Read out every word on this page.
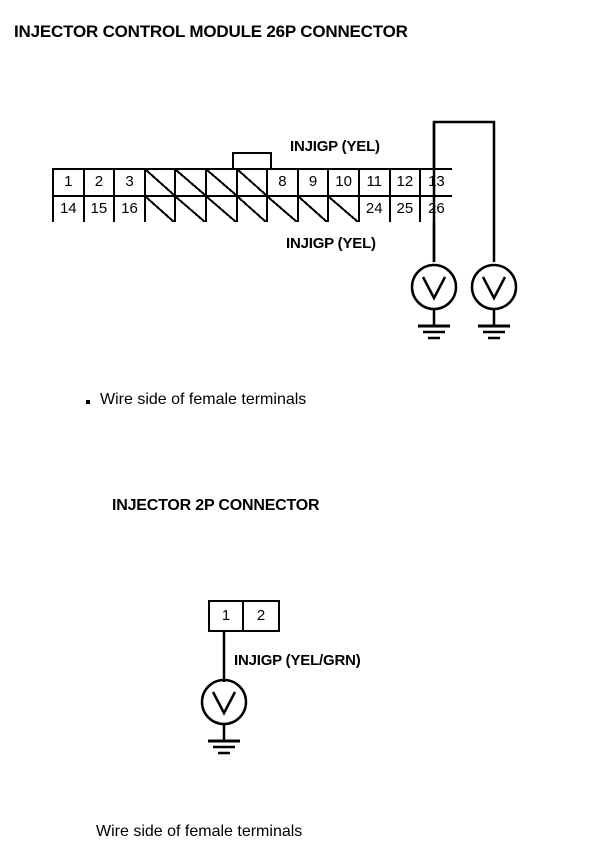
INJECTOR CONTROL MODULE 26P CONNECTOR
1	2	3	8	9	10 11 12 13
14 15 16	24 25 26
INJIGP (YEL)
INJIGP (YEL)
Wire side of female terminals
INJECTOR 2P CONNECTOR
1	2
INJIGP (YEL/GRN)
Wire side of female terminals
